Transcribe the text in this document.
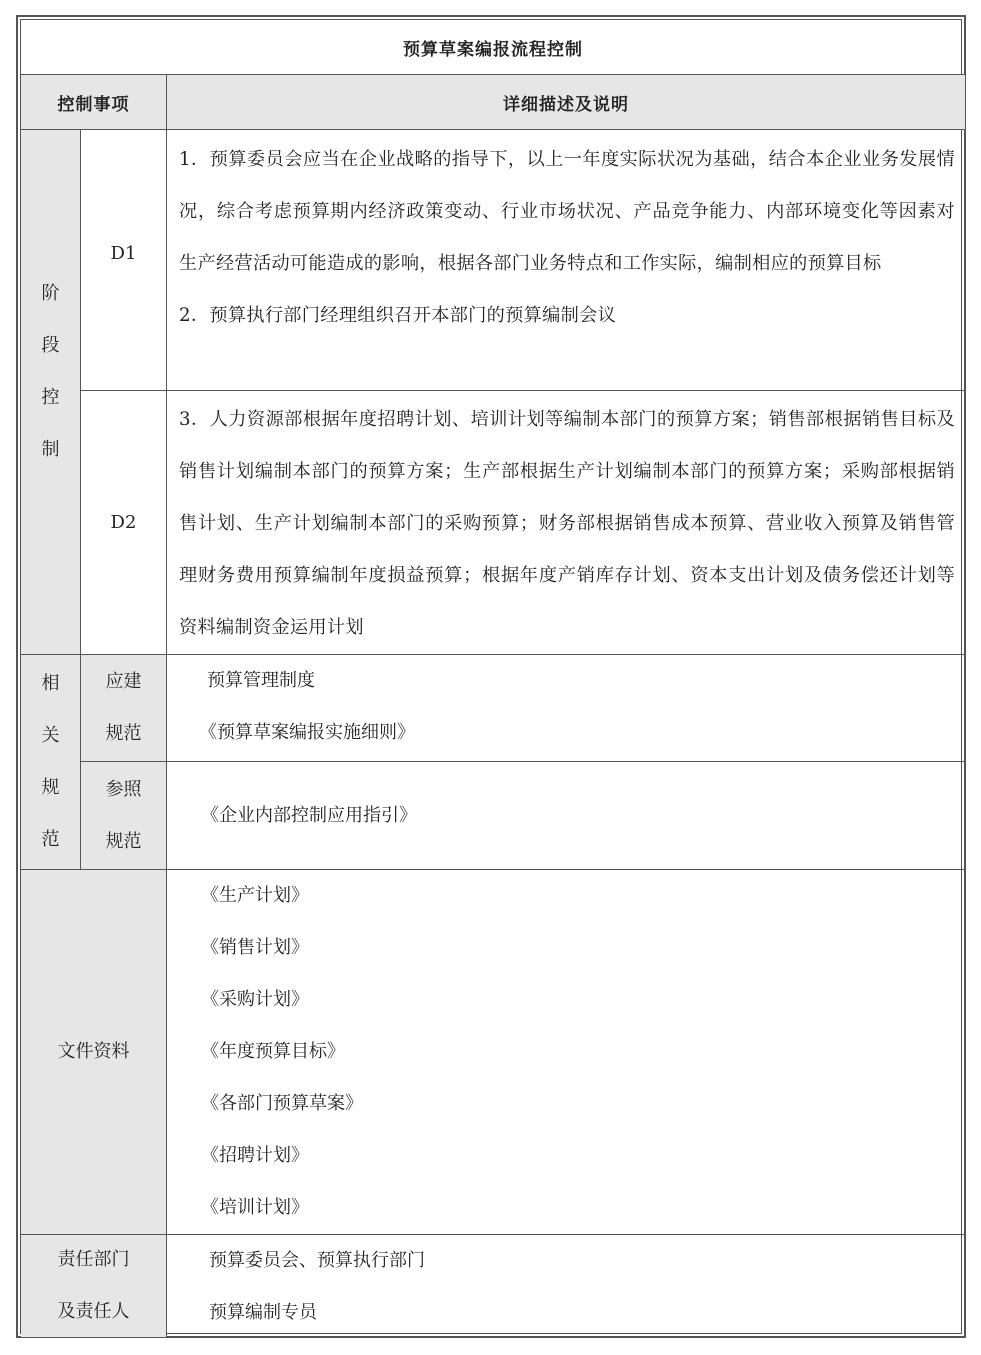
预算草案编报流程控制
控制事项	详细描述及说明
阶
段
控
制
D1
1．预算委员会应当在企业战略的指导下，以上一年度实际状况为基础，结合本企业业务发展情况，综合考虑预算期内经济政策变动、行业市场状况、产品竞争能力、内部环境变化等因素对生产经营活动可能造成的影响，根据各部门业务特点和工作实际，编制相应的预算目标
2．预算执行部门经理组织召开本部门的预算编制会议
D2
3．人力资源部根据年度招聘计划、培训计划等编制本部门的预算方案；销售部根据销售目标及销售计划编制本部门的预算方案；生产部根据生产计划编制本部门的预算方案；采购部根据销售计划、生产计划编制本部门的采购预算；财务部根据销售成本预算、营业收入预算及销售管理财务费用预算编制年度损益预算；根据年度产销库存计划、资本支出计划及债务偿还计划等资料编制资金运用计划
相
关
规
范
应建
规范
预算管理制度
《预算草案编报实施细则》
参照
规范
《企业内部控制应用指引》
文件资料
《生产计划》
《销售计划》
《采购计划》
《年度预算目标》
《各部门预算草案》
《招聘计划》
《培训计划》
责任部门
及责任人
预算委员会、预算执行部门
预算编制专员
